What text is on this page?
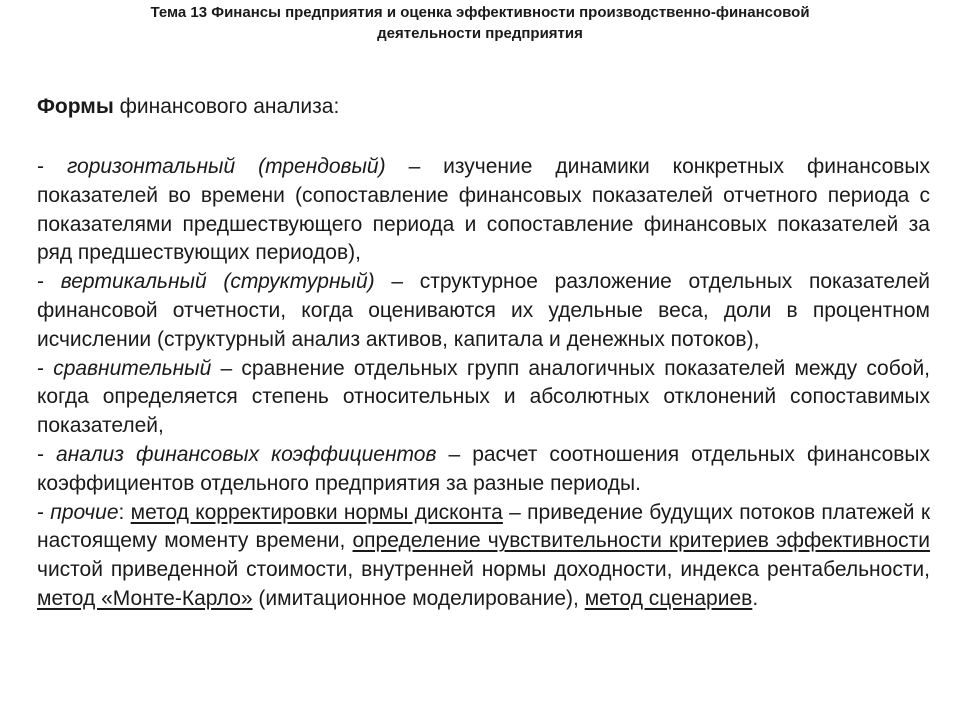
Тема 13 Финансы предприятия и оценка эффективности производственно-финансовой
деятельности предприятия
Формы финансового анализа:

- горизонтальный (трендовый) – изучение динамики конкретных финансовых показателей во времени (сопоставление финансовых показателей отчетного периода с показателями предшествующего периода и сопоставление финансовых показателей за ряд предшествующих периодов),

- вертикальный (структурный) – структурное разложение отдельных показателей финансовой отчетности, когда оцениваются их удельные веса, доли в процентном исчислении (структурный анализ активов, капитала и денежных потоков),

- сравнительный – сравнение отдельных групп аналогичных показателей между собой, когда определяется степень относительных и абсолютных отклонений сопоставимых показателей,

- анализ финансовых коэффициентов – расчет соотношения отдельных финансовых коэффициентов отдельного предприятия за разные периоды.

- прочие: метод корректировки нормы дисконта – приведение будущих потоков платежей к настоящему моменту времени, определение чувствительности критериев эффективности чистой приведенной стоимости, внутренней нормы доходности, индекса рентабельности, метод «Монте-Карло» (имитационное моделирование), метод сценариев.
